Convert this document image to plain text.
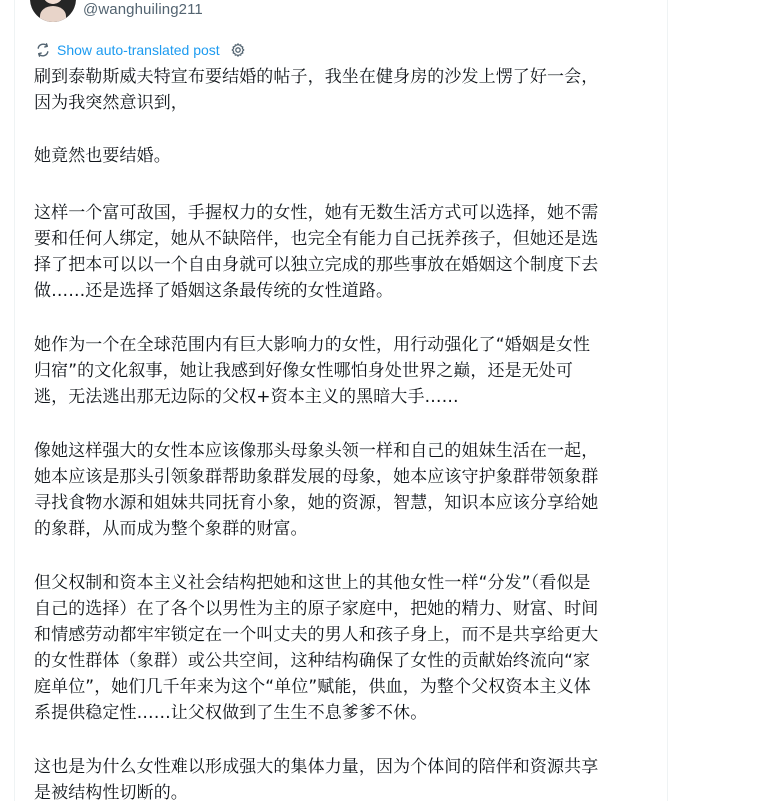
@wanghuiling211
Show auto-translated post

刷到泰勒斯威夫特宣布要结婚的帖子，我坐在健身房的沙发上愣了好一会，
因为我突然意识到，

她竟然也要结婚。

这样一个富可敌国，手握权力的女性，她有无数生活方式可以选择，她不需
要和任何人绑定，她从不缺陪伴，也完全有能力自己抚养孩子，但她还是选
择了把本可以以一个自由身就可以独立完成的那些事放在婚姻这个制度下去
做……还是选择了婚姻这条最传统的女性道路。

她作为一个在全球范围内有巨大影响力的女性，用行动强化了“婚姻是女性
归宿”的文化叙事，她让我感到好像女性哪怕身处世界之巅，还是无处可
逃，无法逃出那无边际的父权+资本主义的黑暗大手……

像她这样强大的女性本应该像那头母象头领一样和自己的姐妹生活在一起，
她本应该是那头引领象群帮助象群发展的母象，她本应该守护象群带领象群
寻找食物水源和姐妹共同抚育小象，她的资源，智慧，知识本应该分享给她
的象群，从而成为整个象群的财富。

但父权制和资本主义社会结构把她和这世上的其他女性一样“分发”（看似是
自己的选择）在了各个以男性为主的原子家庭中，把她的精力、财富、时间
和情感劳动都牢牢锁定在一个叫丈夫的男人和孩子身上，而不是共享给更大
的女性群体（象群）或公共空间，这种结构确保了女性的贡献始终流向“家
庭单位”，她们几千年来为这个“单位”赋能，供血，为整个父权资本主义体
系提供稳定性……让父权做到了生生不息爹爹不休。

这也是为什么女性难以形成强大的集体力量，因为个体间的陪伴和资源共享
是被结构性切断的。
